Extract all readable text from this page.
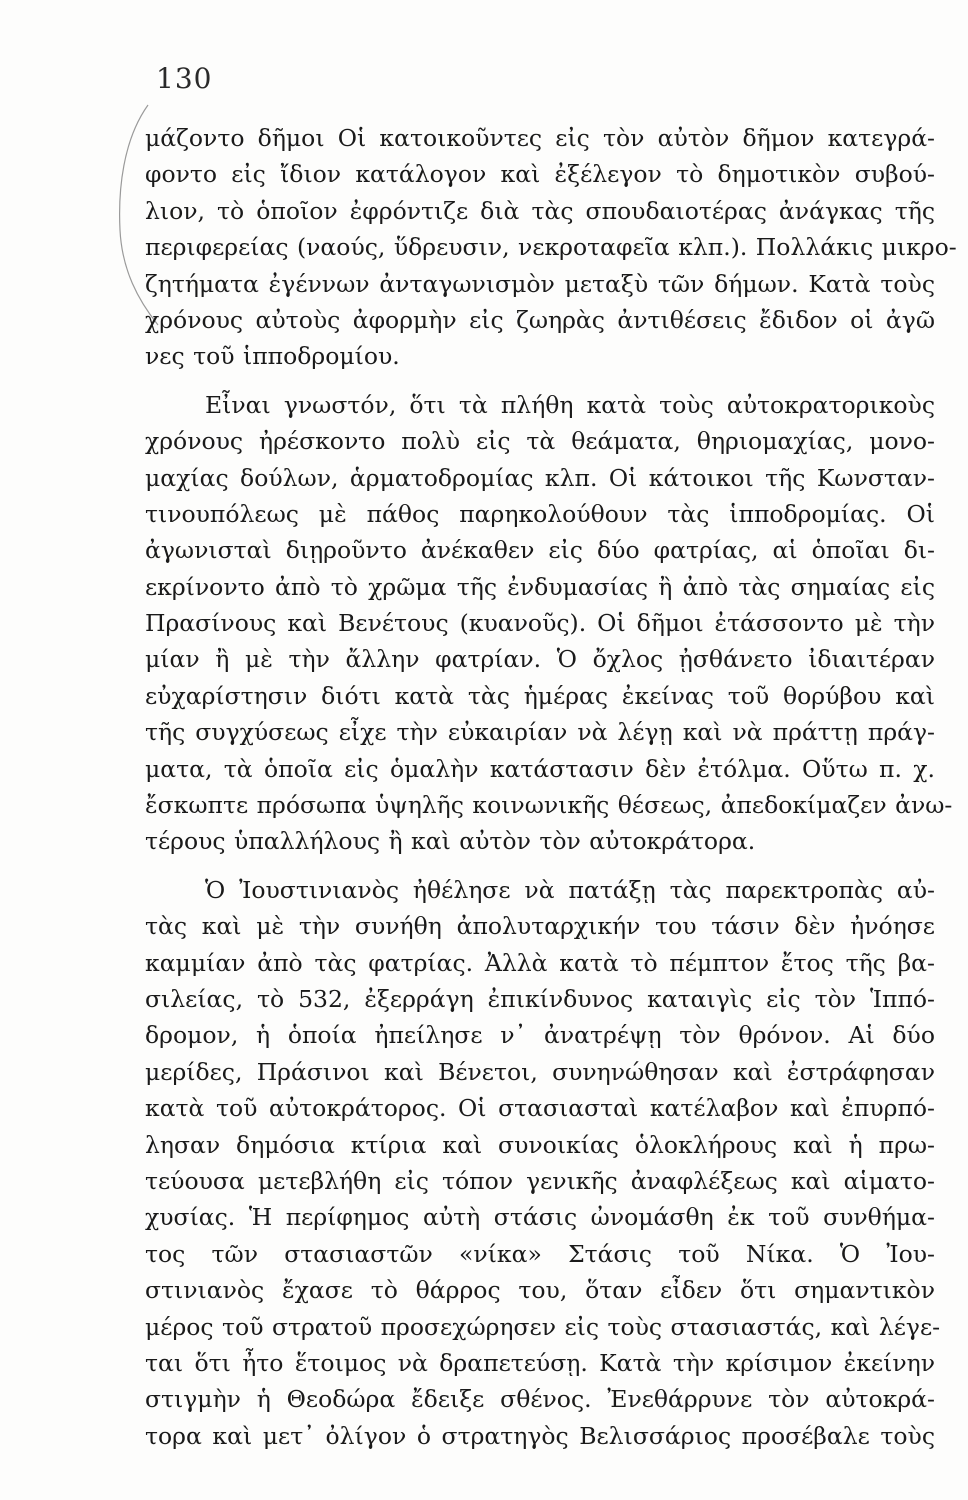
130
μάζοντο δῆμοι Οἱ κατοικοῦντες εἰς τὸν αὐτὸν δῆμον κατεγρά-
φοντο εἰς ἴδιον κατάλογον καὶ ἐξέλεγον τὸ δημοτικὸν συβού-
λιον, τὸ ὁποῖον ἐφρόντιζε διὰ τὰς σπουδαιοτέρας ἀνάγκας τῆς
περιφερείας (ναούς, ὕδρευσιν, νεκροταφεῖα κλπ.). Πολλάκις μικρο-
ζητήματα ἐγέννων ἀνταγωνισμὸν μεταξὺ τῶν δήμων. Κατὰ τοὺς
χρόνους αὐτοὺς ἀφορμὴν εἰς ζωηρὰς ἀντιθέσεις ἔδιδον οἱ ἀγῶ
νες τοῦ ἱπποδρομίου.
Εἶναι γνωστόν, ὅτι τὰ πλήθη κατὰ τοὺς αὐτοκρατορικοὺς
χρόνους ἠρέσκοντο πολὺ εἰς τὰ θεάματα, θηριομαχίας, μονο-
μαχίας δούλων, ἁρματοδρομίας κλπ. Οἱ κάτοικοι τῆς Κωνσταν-
τινουπόλεως μὲ πάθος παρηκολούθουν τὰς ἱπποδρομίας. Οἱ
ἀγωνισταὶ διῃροῦντο ἀνέκαθεν εἰς δύο φατρίας, αἱ ὁποῖαι δι-
εκρίνοντο ἀπὸ τὸ χρῶμα τῆς ἐνδυμασίας ἢ ἀπὸ τὰς σημαίας εἰς
Πρασίνους καὶ Βενέτους (κυανοῦς). Οἱ δῆμοι ἐτάσσοντο μὲ τὴν
μίαν ἢ μὲ τὴν ἄλλην φατρίαν. Ὁ ὄχλος ᾐσθάνετο ἰδιαιτέραν
εὐχαρίστησιν διότι κατὰ τὰς ἡμέρας ἐκείνας τοῦ θορύβου καὶ
τῆς συγχύσεως εἶχε τὴν εὐκαιρίαν νὰ λέγῃ καὶ νὰ πράττῃ πράγ-
ματα, τὰ ὁποῖα εἰς ὁμαλὴν κατάστασιν δὲν ἐτόλμα. Οὕτω π. χ.
ἔσκωπτε πρόσωπα ὑψηλῆς κοινωνικῆς θέσεως, ἀπεδοκίμαζεν ἀνω-
τέρους ὑπαλλήλους ἢ καὶ αὐτὸν τὸν αὐτοκράτορα.
Ὁ Ἰουστινιανὸς ἠθέλησε νὰ πατάξῃ τὰς παρεκτροπὰς αὐ-
τὰς καὶ μὲ τὴν συνήθη ἀπολυταρχικήν του τάσιν δὲν ἠνόησε
καμμίαν ἀπὸ τὰς φατρίας. Ἀλλὰ κατὰ τὸ πέμπτον ἔτος τῆς βα-
σιλείας, τὸ 532, ἐξερράγη ἐπικίνδυνος καταιγὶς εἰς τὸν Ἱππό-
δρομον, ἡ ὁποία ἠπείλησε ν᾿ ἀνατρέψῃ τὸν θρόνον. Αἱ δύο
μερίδες, Πράσινοι καὶ Βένετοι, συνηνώθησαν καὶ ἐστράφησαν
κατὰ τοῦ αὐτοκράτορος. Οἱ στασιασταὶ κατέλαβον καὶ ἐπυρπό-
λησαν δημόσια κτίρια καὶ συνοικίας ὁλοκλήρους καὶ ἡ πρω-
τεύουσα μετεβλήθη εἰς τόπον γενικῆς ἀναφλέξεως καὶ αἱματο-
χυσίας. Ἡ περίφημος αὐτὴ στάσις ὠνομάσθη ἐκ τοῦ συνθήμα-
τος τῶν στασιαστῶν «νίκα» Στάσις τοῦ Νίκα. Ὁ Ἰου-
στινιανὸς ἔχασε τὸ θάρρος του, ὅταν εἶδεν ὅτι σημαντικὸν
μέρος τοῦ στρατοῦ προσεχώρησεν εἰς τοὺς στασιαστάς, καὶ λέγε-
ται ὅτι ἦτο ἕτοιμος νὰ δραπετεύσῃ. Κατὰ τὴν κρίσιμον ἐκείνην
στιγμὴν ἡ Θεοδώρα ἔδειξε σθένος. Ἐνεθάρρυνε τὸν αὐτοκρά-
τορα καὶ μετ᾿ ὀλίγον ὁ στρατηγὸς Βελισσάριος προσέβαλε τοὺς
